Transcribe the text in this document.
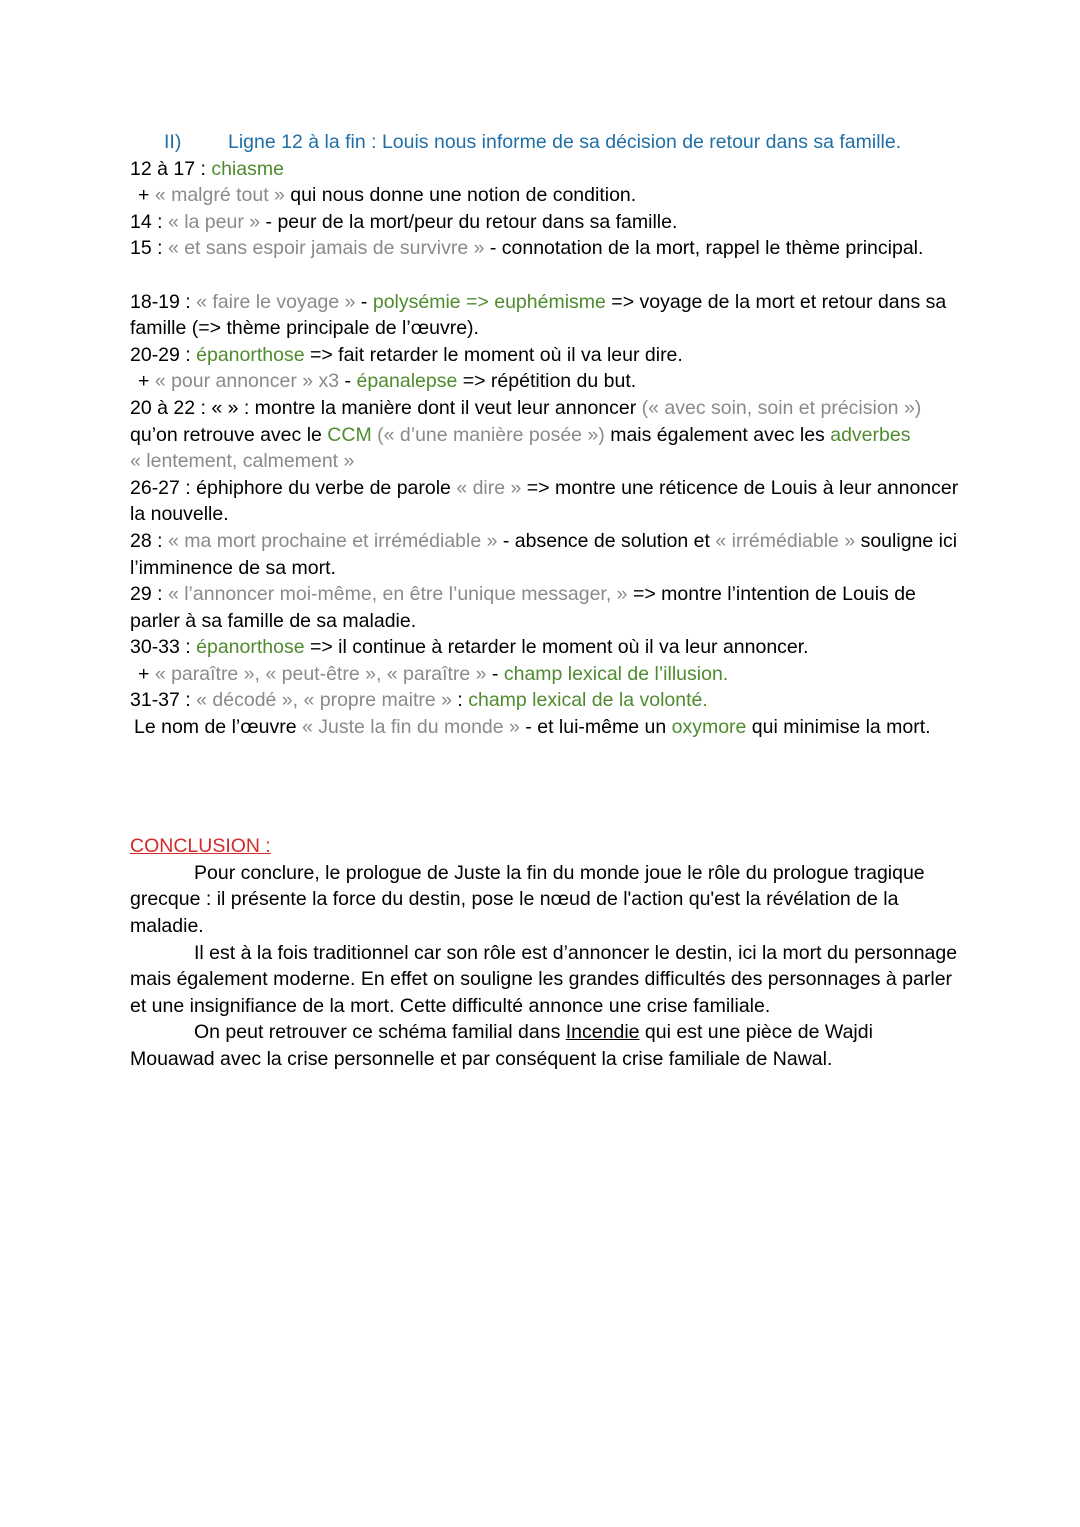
II) Ligne 12 à la fin : Louis nous informe de sa décision de retour dans sa famille.
12 à 17 : chiasme
+ « malgré tout » qui nous donne une notion de condition.
14 : « la peur » - peur de la mort/peur du retour dans sa famille.
15 : « et sans espoir jamais de survivre » - connotation de la mort, rappel le thème principal.
18-19 : « faire le voyage » - polysémie => euphémisme => voyage de la mort et retour dans sa famille (=> thème principale de l’œuvre).
20-29 : épanorthose => fait retarder le moment où il va leur dire.
+ « pour annoncer » x3 - épanalepse => répétition du but.
20 à 22 : « » : montre la manière dont il veut leur annoncer (« avec soin, soin et précision ») qu’on retrouve avec le CCM (« d’une manière posée ») mais également avec les adverbes
« lentement, calmement »
26-27 : éphiphore du verbe de parole « dire » => montre une réticence de Louis à leur annoncer la nouvelle.
28 : « ma mort prochaine et irrémédiable » - absence de solution et « irrémédiable » souligne ici l’imminence de sa mort.
29 : « l’annoncer moi-même, en être l’unique messager, » => montre l’intention de Louis de parler à sa famille de sa maladie.
30-33 : épanorthose => il continue à retarder le moment où il va leur annoncer.
+ « paraître », « peut-être », « paraître » - champ lexical de l’illusion.
31-37 : « décodé », « propre maitre » : champ lexical de la volonté.
Le nom de l’œuvre « Juste la fin du monde » - et lui-même un oxymore qui minimise la mort.
CONCLUSION :
Pour conclure, le prologue de Juste la fin du monde joue le rôle du prologue tragique grecque : il présente la force du destin, pose le nœud de l'action qu'est la révélation de la maladie.
Il est à la fois traditionnel car son rôle est d’annoncer le destin, ici la mort du personnage mais également moderne. En effet on souligne les grandes difficultés des personnages à parler et une insignifiance de la mort. Cette difficulté annonce une crise familiale.
On peut retrouver ce schéma familial dans Incendie qui est une pièce de Wajdi Mouawad avec la crise personnelle et par conséquent la crise familiale de Nawal.
